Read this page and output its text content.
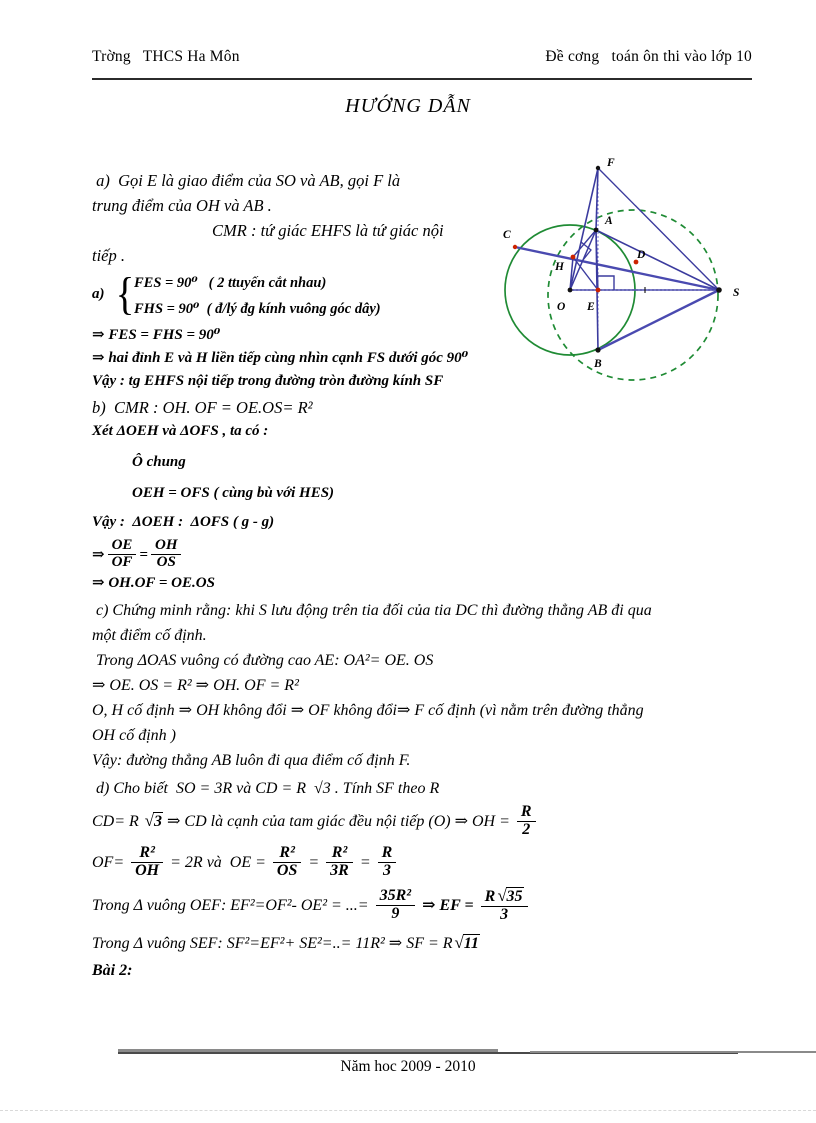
Trờng   THCS Ha Môn	Đề cơng   toán ôn thi vào lớp 10
HƯỚNG DẪN
F
A
C
D
H
O E
B
S
a)  Gọi E là giao điểm của SO và AB, gọi F là
trung điểm của OH và AB .
CMR : tứ giác EHFS là tứ giác nội
tiếp .
a) { FES = 90⁰   ( 2 ttuyến cắt nhau)
FHS = 90⁰  ( đ/lý đg kính vuông góc dây)
⇒ FES = FHS = 90⁰
⇒ hai đỉnh E và H liền tiếp cùng nhìn cạnh FS dưới góc 90⁰
Vậy : tg EHFS nội tiếp trong đường tròn đường kính SF
b)  CMR : OH. OF = OE.OS= R²
Xét ΔOEH và ΔOFS , ta có :
Ô chung
OEH = OFS ( cùng bù với HES)
Vậy :  ΔOEH :  ΔOFS ( g - g)
⇒ $\frac{OE}{OF} = \frac{OH}{OS}$
⇒ OH.OF = OE.OS
c) Chứng minh rằng: khi S lưu động trên tia đối của tia DC thì đường thẳng AB đi qua
một điểm cố định.
Trong ΔOAS vuông có đường cao AE: OA²= OE. OS
⇒ OE. OS = R² ⇒ OH. OF = R²
O, H cố định ⇒ OH không đổi ⇒ OF không đổi⇒ F cố định (vì nằm trên đường thẳng
OH cố định )
Vậy: đường thẳng AB luôn đi qua điểm cố định F.
d) Cho biết  SO = 3R và CD = R  √3 . Tính SF theo R
CD= R √3 ⇒ CD là cạnh của tam giác đều nội tiếp (O) ⇒ OH = $\frac{R}{2}$
$OF= \frac{\text{R²}}{OH} = 2R$ và  OE = $\frac{\text{R²}}{OS} = \frac{\text{R²}}{3R} = \frac{R}{3}$
Trong Δ vuông OEF: EF²=OF²- OE² = ...= $\frac{\text{35R²}}{9}$ ⇒ EF = $\frac{R √35}{3}$
Trong Δ vuông SEF: SF²=EF²+ SE²=..= 11R² ⇒ SF = R √11
Bài 2:
Năm hoc 2009 - 2010
